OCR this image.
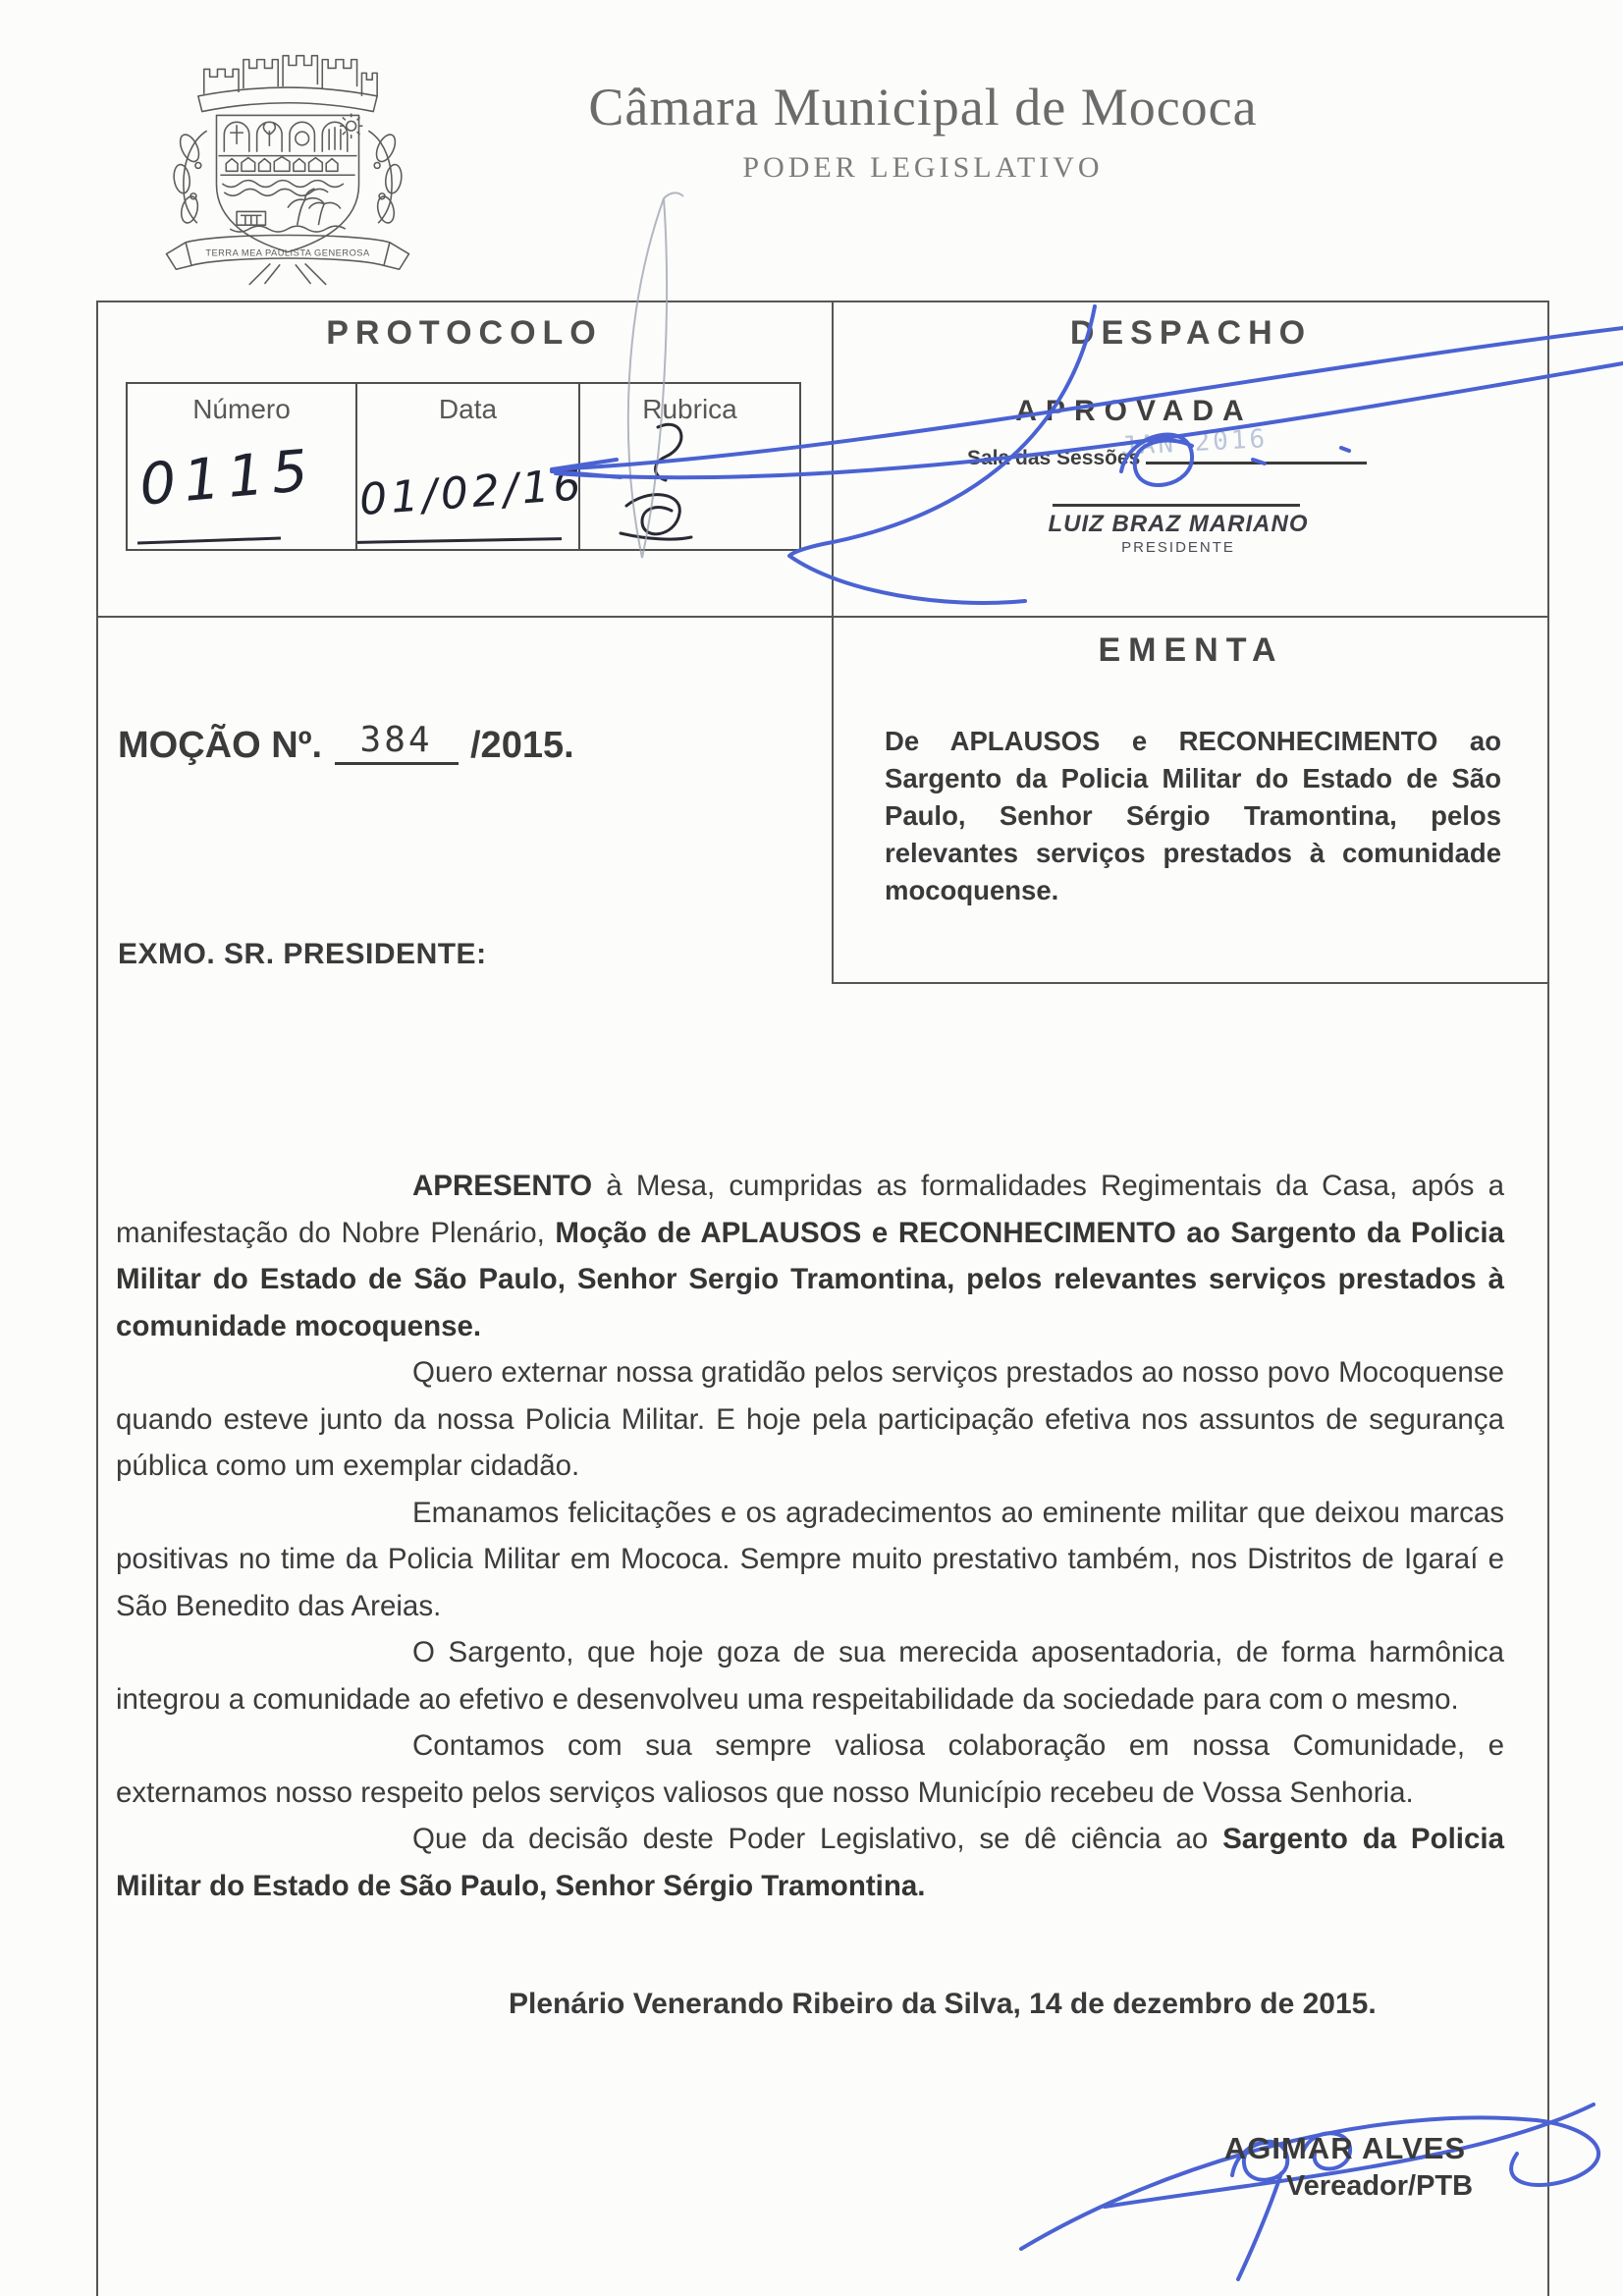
TERRA MEA PAULISTA GENEROSA
Câmara Municipal de Mococa
PODER LEGISLATIVO
PROTOCOLO
Número	Data	Rubrica
0115 01/02/16
DESPACHO
APROVADA
Sala das Sessões
JAN 2016
LUIZ BRAZ MARIANO
PRESIDENTE
MOÇÃO Nº. 384 /2015.
EMENTA
De APLAUSOS e RECONHECIMENTO ao Sargento da Policia Militar do Estado de São Paulo, Senhor Sérgio Tramontina, pelos relevantes serviços prestados à comunidade mocoquense.
EXMO. SR. PRESIDENTE:

APRESENTO à Mesa, cumpridas as formalidades Regimentais da Casa, após a manifestação do Nobre Plenário, Moção de APLAUSOS e RECONHECIMENTO ao Sargento da Policia Militar do Estado de São Paulo, Senhor Sergio Tramontina, pelos relevantes serviços prestados à comunidade mocoquense.

Quero externar nossa gratidão pelos serviços prestados ao nosso povo Mocoquense quando esteve junto da nossa Policia Militar. E hoje pela participação efetiva nos assuntos de segurança pública como um exemplar cidadão.

Emanamos felicitações e os agradecimentos ao eminente militar que deixou marcas positivas no time da Policia Militar em Mococa. Sempre muito prestativo também, nos Distritos de Igaraí e São Benedito das Areias.

O Sargento, que hoje goza de sua merecida aposentadoria, de forma harmônica integrou a comunidade ao efetivo e desenvolveu uma respeitabilidade da sociedade para com o mesmo.

Contamos com sua sempre valiosa colaboração em nossa Comunidade, e externamos nosso respeito pelos serviços valiosos que nosso Município recebeu de Vossa Senhoria.

Que da decisão deste Poder Legislativo, se dê ciência ao Sargento da Policia Militar do Estado de São Paulo, Senhor Sérgio Tramontina.

Plenário Venerando Ribeiro da Silva, 14 de dezembro de 2015.
AGIMAR ALVES
Vereador/PTB
